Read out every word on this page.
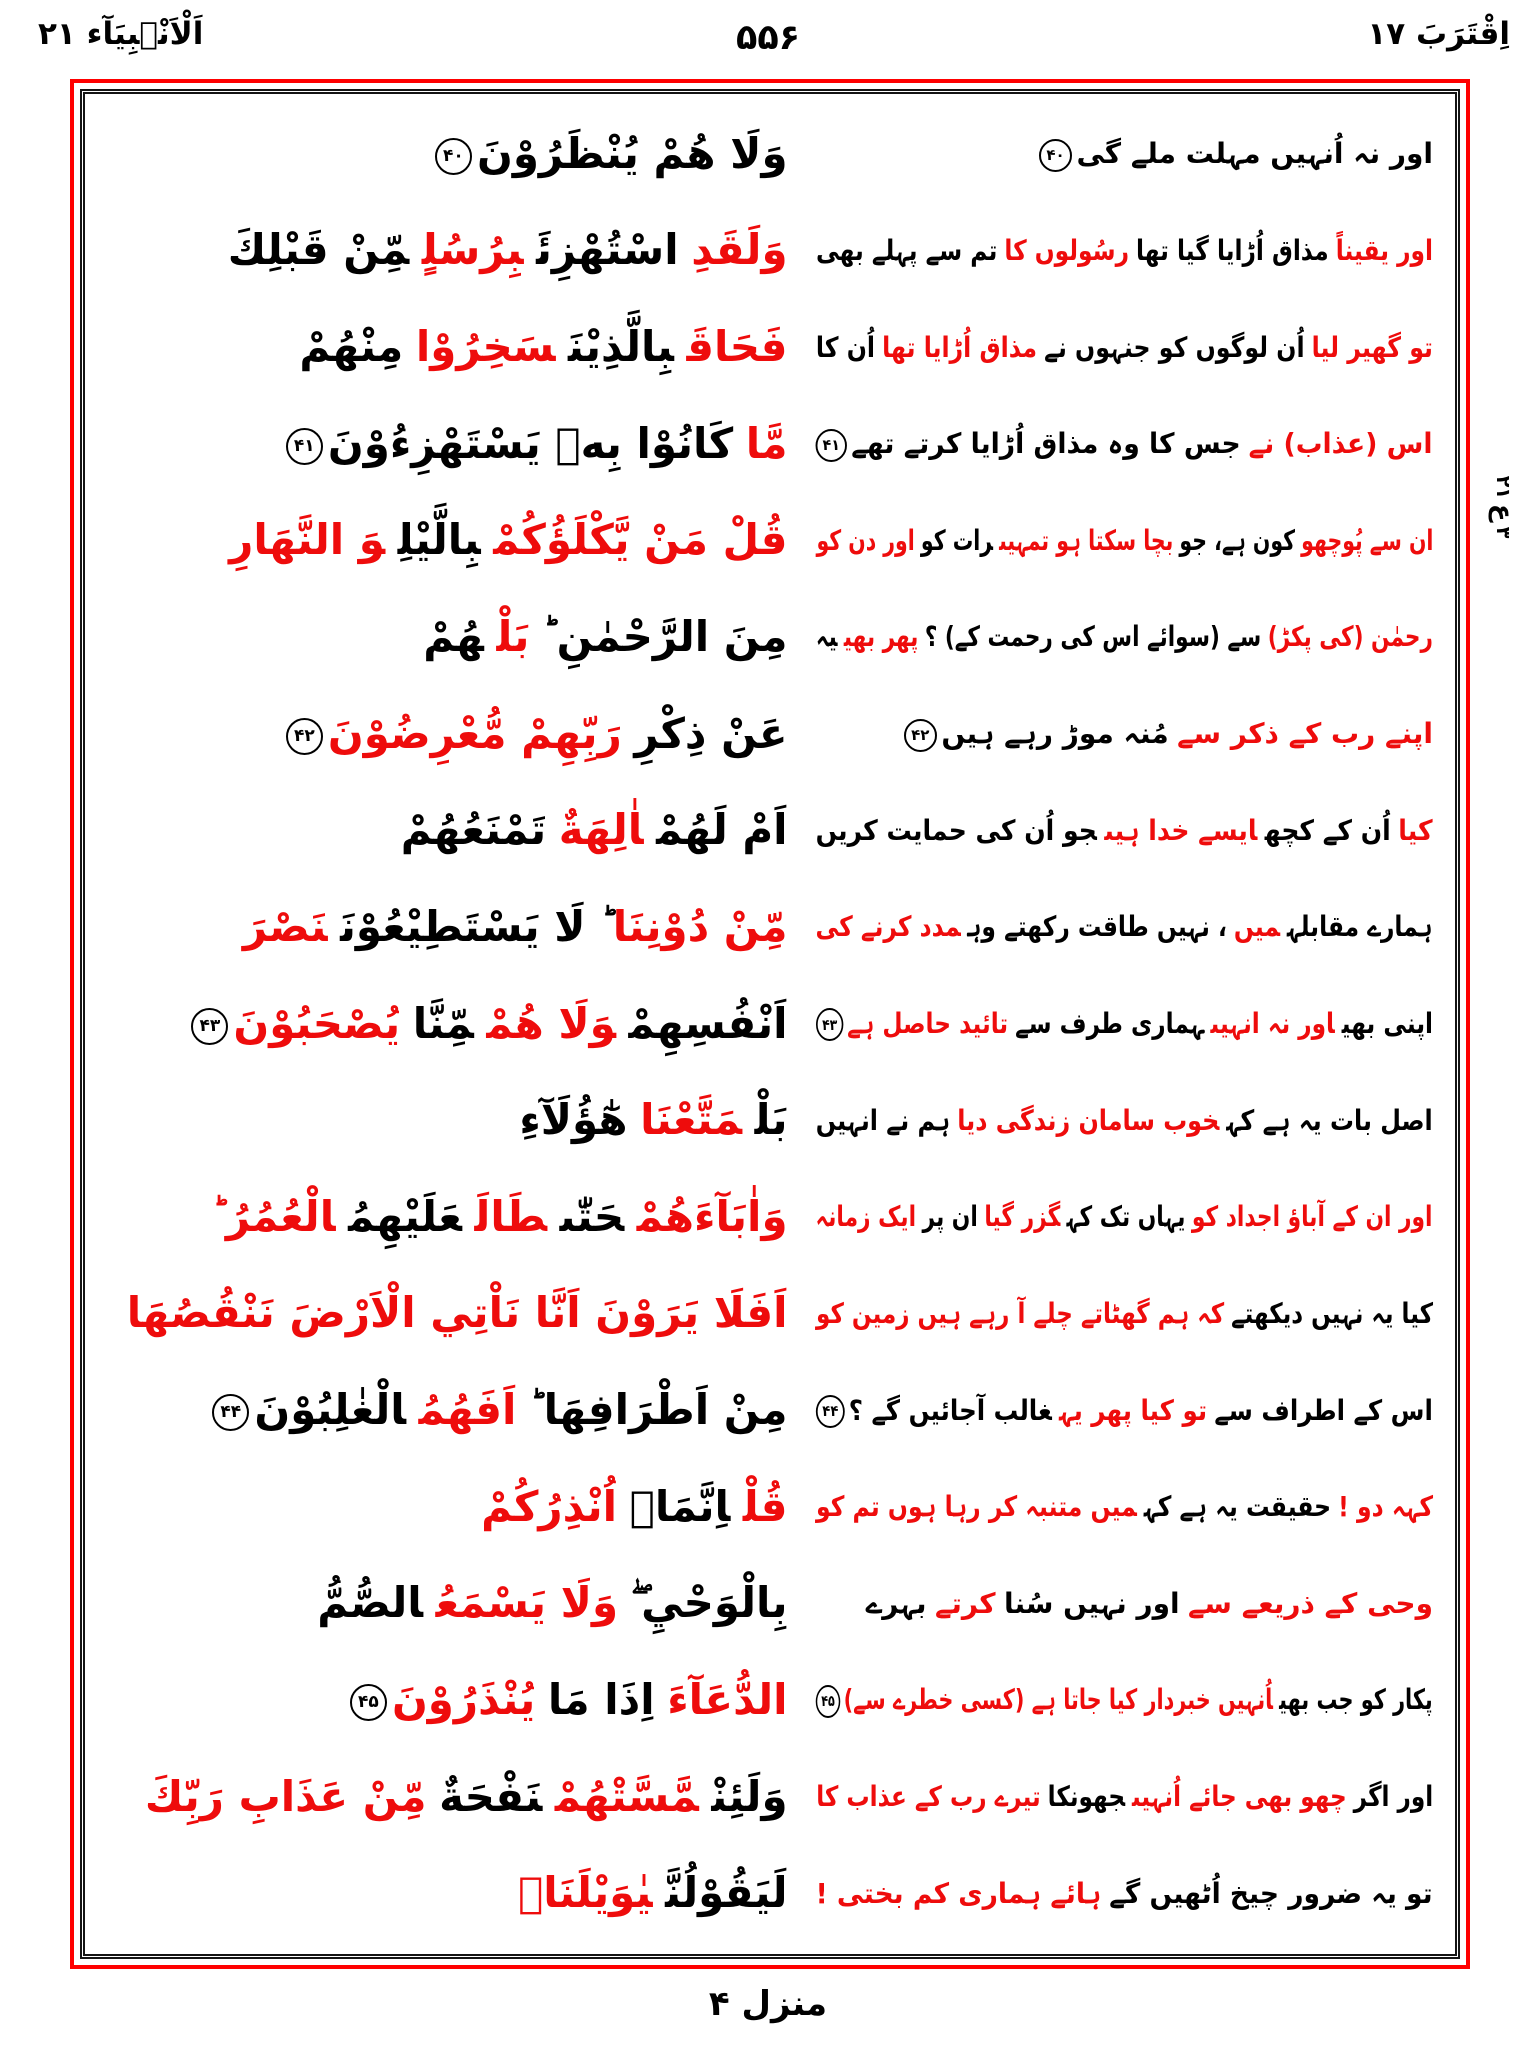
اَلْاَنْۢبِيَآء ۲۱	۵۵۶	اِقْتَرَبَ ۱۷
اور نہ اُنہیں مہلت ملے گی۴۰
وَلَا هُمْ يُنْظَرُوْنَ۴۰
اور یقیناًمذاق اُڑایا گیا تھارسُولوں کاتم سے پہلے بھی
وَلَقَدِاسْتُهْزِئَبِرُسُلٍمِّنْ قَبْلِكَ
تو گھیر لیااُن لوگوں کو جنہوں نےمذاق اُڑایا تھااُن کا
فَحَاقَبِالَّذِيْنَسَخِرُوْامِنْهُمْ
اس (عذاب) نےجس کا وہ مذاق اُڑایا کرتے تھے۴۱
مَّاكَانُوْا بِهٖ يَسْتَهْزِءُوْنَ۴۱
ان سے پُوچھوکون ہے، جوبچا سکتا ہو تمہیںرات کواور دن کو
قُلْ مَنْ يَّكْلَؤُكُمْبِالَّيْلِوَ النَّهَارِ
رحمٰن (کی پکڑ)سے (سوائے اس کی رحمت کے) ؟پھر بھییہ
مِنَ الرَّحْمٰنِ ؕبَلْهُمْ
اپنے رب کے ذکر سےمُنہ موڑ رہے ہیں۴۲
عَنْ ذِكْرِرَبِّهِمْ مُّعْرِضُوْنَ۴۲
کیااُن کے کچھایسے خدا ہیںجو اُن کی حمایت کریں
اَمْ لَهُمْاٰلِهَةٌتَمْنَعُهُمْ
ہمارے مقابلہمیں، نہیں طاقت رکھتے وہمدد کرنے کی
مِّنْ دُوْنِنَاؕ لَا يَسْتَطِيْعُوْنَنَصْرَ
اپنی بھیاور نہ انہیںہماری طرف سےتائید حاصل ہے۴۳
اَنْفُسِهِمْوَلَا هُمْمِّنَّايُصْحَبُوْنَ۴۳
اصل بات یہ ہے کہخوب سامان زندگی دیاہم نے انہیں
بَلْمَتَّعْنَاهٰٓؤُلَآءِ
اور ان کے آباؤ اجداد کویہاں تک کہگزر گیاان پرایک زمانہ
وَاٰبَآءَهُمْحَتّٰىطَالَعَلَيْهِمُالْعُمُرُ ؕ
کیا یہ نہیں دیکھتےکہ ہم گھٹاتے چلے آ رہے ہیں زمین کو
اَفَلَا يَرَوْنَ اَنَّا نَاْتِي الْاَرْضَ نَنْقُصُهَا
اس کے اطراف سےتو کیا پھر یہغالب آجائیں گے ؟۴۴
مِنْ اَطْرَافِهَا ؕاَفَهُمُالْغٰلِبُوْنَ۴۴
کہہ دو !حقیقت یہ ہے کہمیں متنبہ کر رہا ہوں تم کو
قُلْاِنَّمَاۤاُنْذِرُكُمْ
وحی کے ذریعے سےاور نہیں سُناکرتےبہرے
بِالْوَحْيِ ۖوَلَا يَسْمَعُالصُّمُّ
پکار کو جب بھیاُنہیں خبردار کیا جاتا ہے (کسی خطرے سے)۴۵
الدُّعَآءَاِذَا مَايُنْذَرُوْنَ۴۵
اور اگرچھو بھی جائے اُنہیںجھونکاتیرے رب کے عذاب کا
وَلَئِنْمَّسَّتْهُمْنَفْحَةٌمِّنْ عَذَابِ رَبِّكَ
تو یہ ضرور چیخ اُٹھیں گےہائے ہماری کم بختی !
لَيَقُوْلُنَّيٰوَيْلَنَاۤ
۳
ع
۲۱
منزل ۴
